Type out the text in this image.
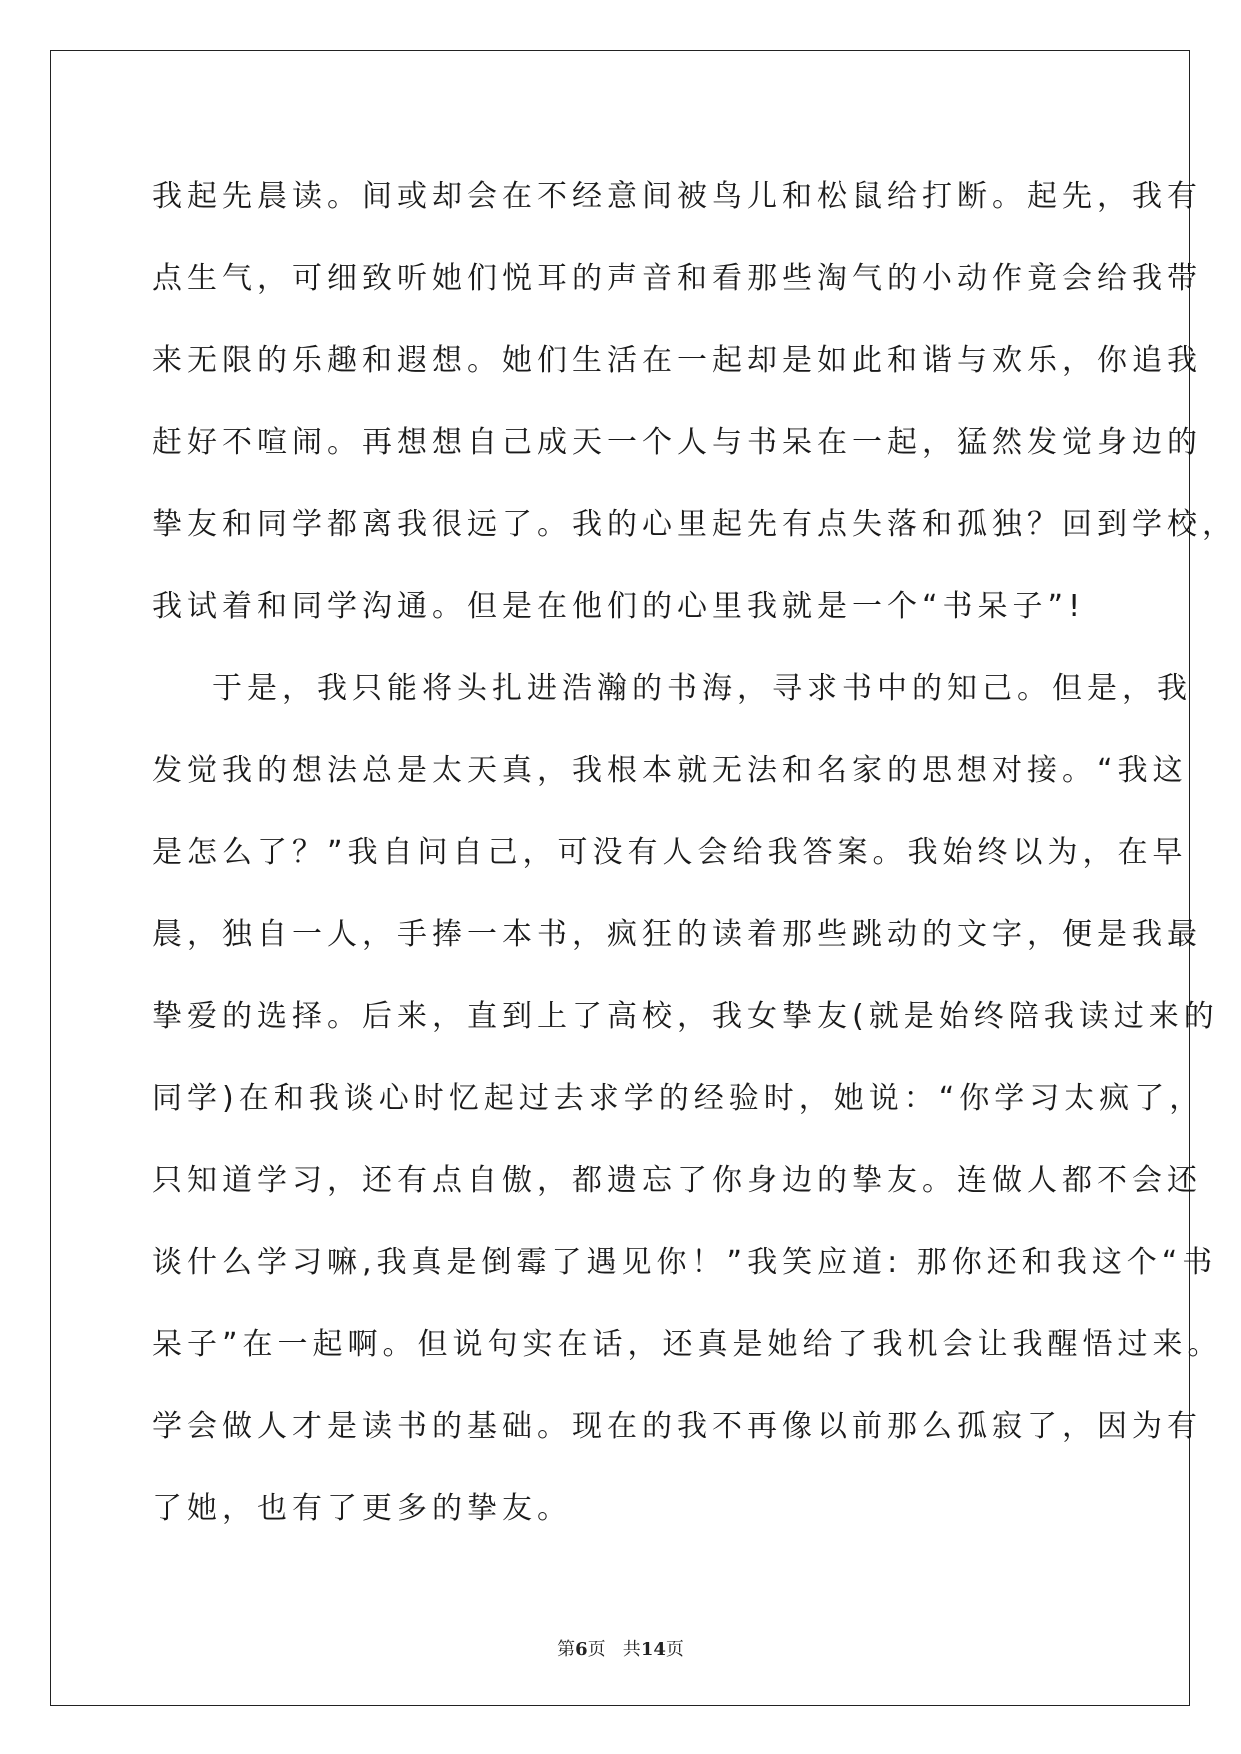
我起先晨读。间或却会在不经意间被鸟儿和松鼠给打断。起先，我有
点生气，可细致听她们悦耳的声音和看那些淘气的小动作竟会给我带
来无限的乐趣和遐想。她们生活在一起却是如此和谐与欢乐，你追我
赶好不喧闹。再想想自己成天一个人与书呆在一起，猛然发觉身边的
挚友和同学都离我很远了。我的心里起先有点失落和孤独？回到学校，
我试着和同学沟通。但是在他们的心里我就是一个“书呆子”!
于是，我只能将头扎进浩瀚的书海，寻求书中的知己。但是，我
发觉我的想法总是太天真，我根本就无法和名家的思想对接。“我这
是怎么了？”我自问自己，可没有人会给我答案。我始终以为，在早
晨，独自一人，手捧一本书，疯狂的读着那些跳动的文字，便是我最
挚爱的选择。后来，直到上了高校，我女挚友(就是始终陪我读过来的
同学)在和我谈心时忆起过去求学的经验时，她说：“你学习太疯了，
只知道学习，还有点自傲，都遗忘了你身边的挚友。连做人都不会还
谈什么学习嘛,我真是倒霉了遇见你！”我笑应道: 那你还和我这个“书
呆子”在一起啊。但说句实在话，还真是她给了我机会让我醒悟过来。
学会做人才是读书的基础。现在的我不再像以前那么孤寂了，因为有
了她，也有了更多的挚友。
第6页   共14页
